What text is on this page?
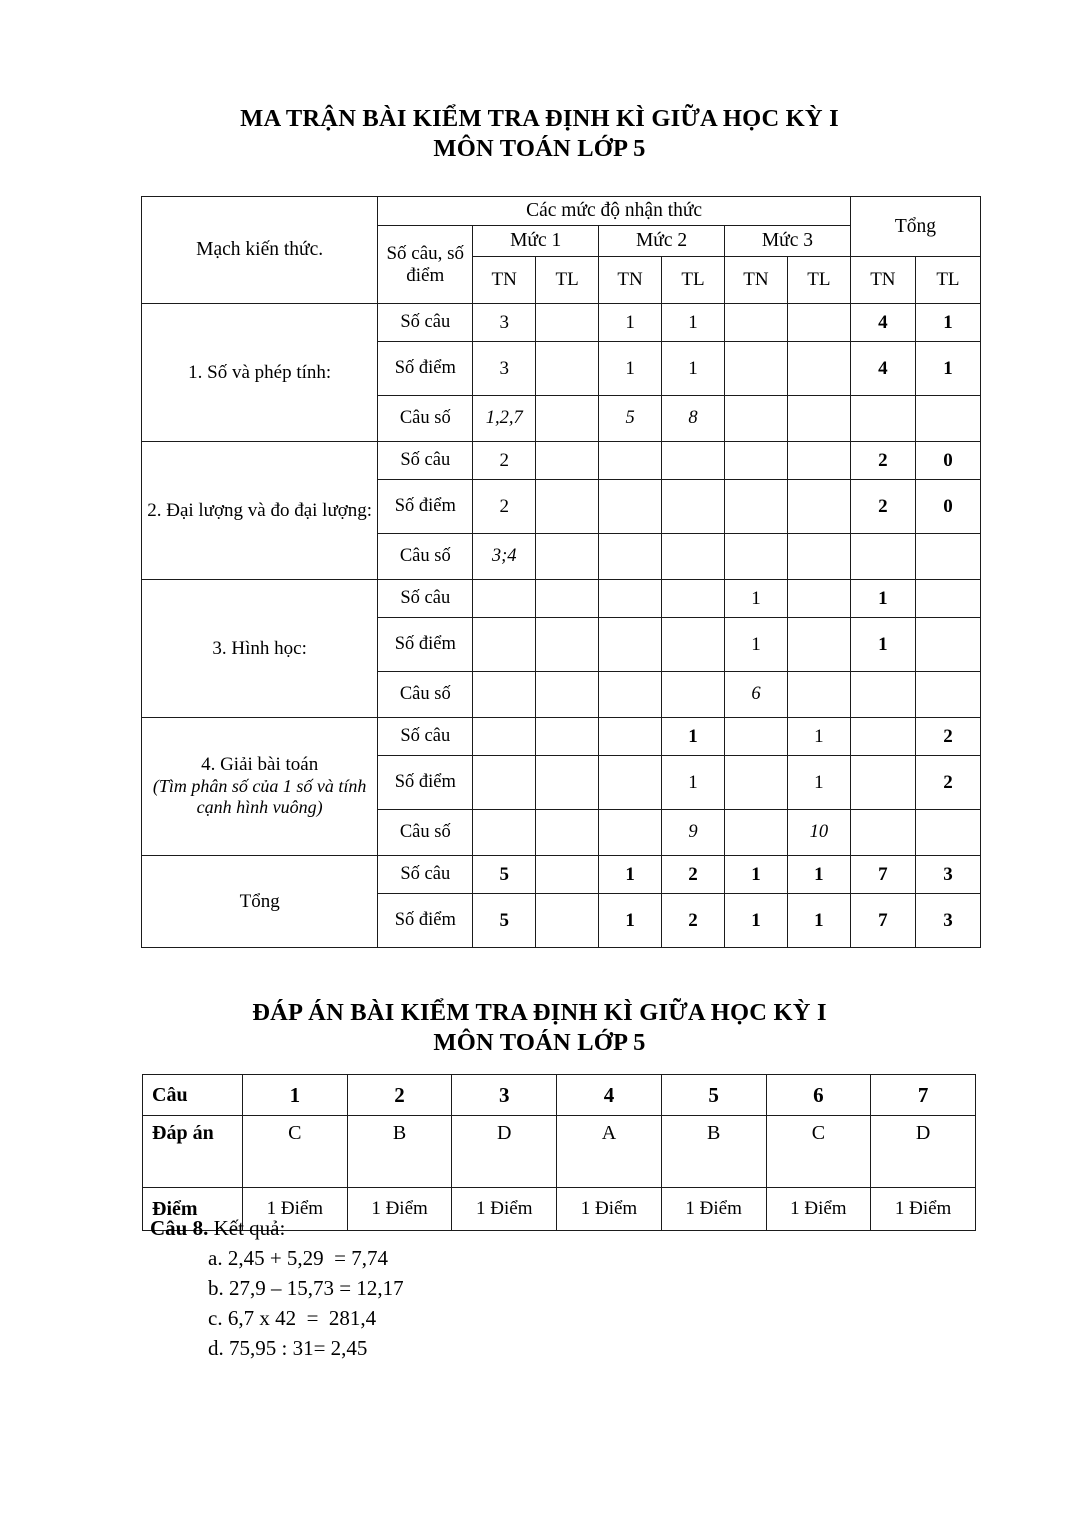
MA TRẬN BÀI KIỂM TRA ĐỊNH KÌ GIỮA HỌC KỲ I
MÔN TOÁN LỚP 5
Mạch kiến thức.	Các mức độ nhận thức							Tổng	
	Số câu, số điểm	Mức 1		Mức 2		Mức 3			
		TN	TL	TN	TL	TN	TL	TN	TL
1. Số và phép tính:	Số câu	3		1	1			4	1
	Số điểm	3		1	1			4	1
	Câu số	1,2,7		5	8				
2. Đại lượng và đo đại lượng:	Số câu	2						2	0
	Số điểm	2						2	0
	Câu số	3;4							
3. Hình học:	Số câu					1		1	
	Số điểm					1		1	
	Câu số					6			
4. Giải bài toán
(Tìm phân số của 1 số và tính cạnh hình vuông)	Số câu				1		1		2
	Số điểm				1		1		2
	Câu số				9		10		
Tổng	Số câu	5		1	2	1	1	7	3
	Số điểm	5		1	2	1	1	7	3
ĐÁP ÁN BÀI KIỂM TRA ĐỊNH KÌ GIỮA HỌC KỲ I
MÔN TOÁN LỚP 5
Câu	1	2	3	4	5	6	7
Đáp án	C	B	D	A	B	C	D
Điểm	1 Điểm	1 Điểm	1 Điểm	1 Điểm	1 Điểm	1 Điểm	1 Điểm

Câu 8. Kết quả:

a. 2,45 + 5,29  = 7,74

b. 27,9 – 15,73 = 12,17

c. 6,7 x 42  =  281,4

d. 75,95 : 31= 2,45
